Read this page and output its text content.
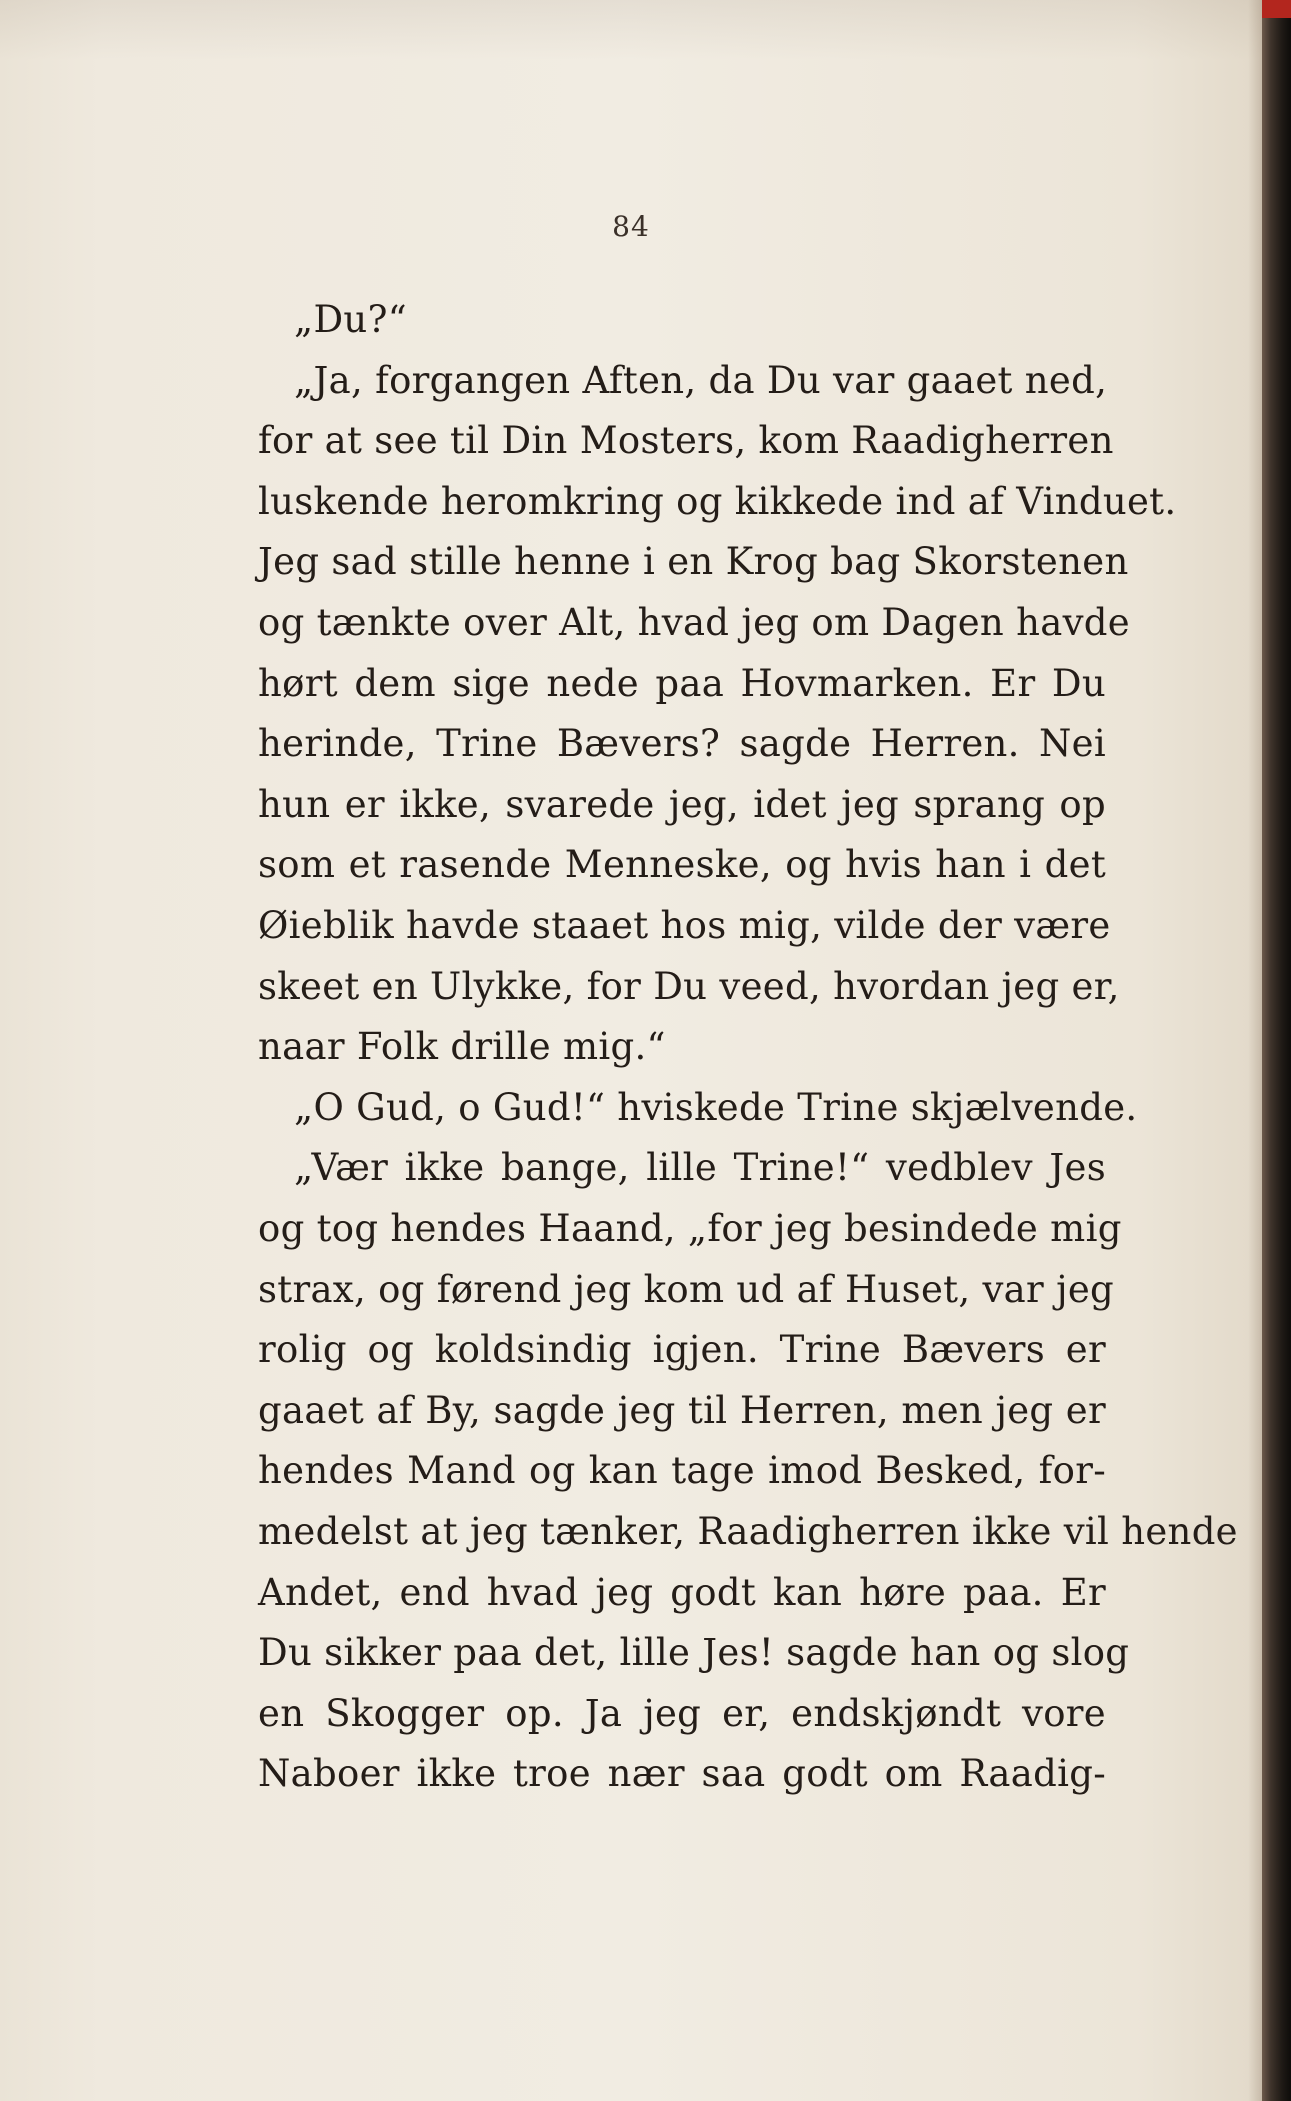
84
„Du?“
„Ja, forgangen Aften, da Du var gaaet ned,
for at see til Din Mosters, kom Raadigherren
luskende heromkring og kikkede ind af Vinduet.
Jeg sad stille henne i en Krog bag Skorstenen
og tænkte over Alt, hvad jeg om Dagen havde
hørt dem sige nede paa Hovmarken. Er Du
herinde, Trine Bævers? sagde Herren. Nei
hun er ikke, svarede jeg, idet jeg sprang op
som et rasende Menneske, og hvis han i det
Øieblik havde staaet hos mig, vilde der være
skeet en Ulykke, for Du veed, hvordan jeg er,
naar Folk drille mig.“
„O Gud, o Gud!“ hviskede Trine skjælvende.
„Vær ikke bange, lille Trine!“ vedblev Jes
og tog hendes Haand, „for jeg besindede mig
strax, og førend jeg kom ud af Huset, var jeg
rolig og koldsindig igjen. Trine Bævers er
gaaet af By, sagde jeg til Herren, men jeg er
hendes Mand og kan tage imod Besked, for-
medelst at jeg tænker, Raadigherren ikke vil hende
Andet, end hvad jeg godt kan høre paa. Er
Du sikker paa det, lille Jes! sagde han og slog
en Skogger op. Ja jeg er, endskjøndt vore
Naboer ikke troe nær saa godt om Raadig-
